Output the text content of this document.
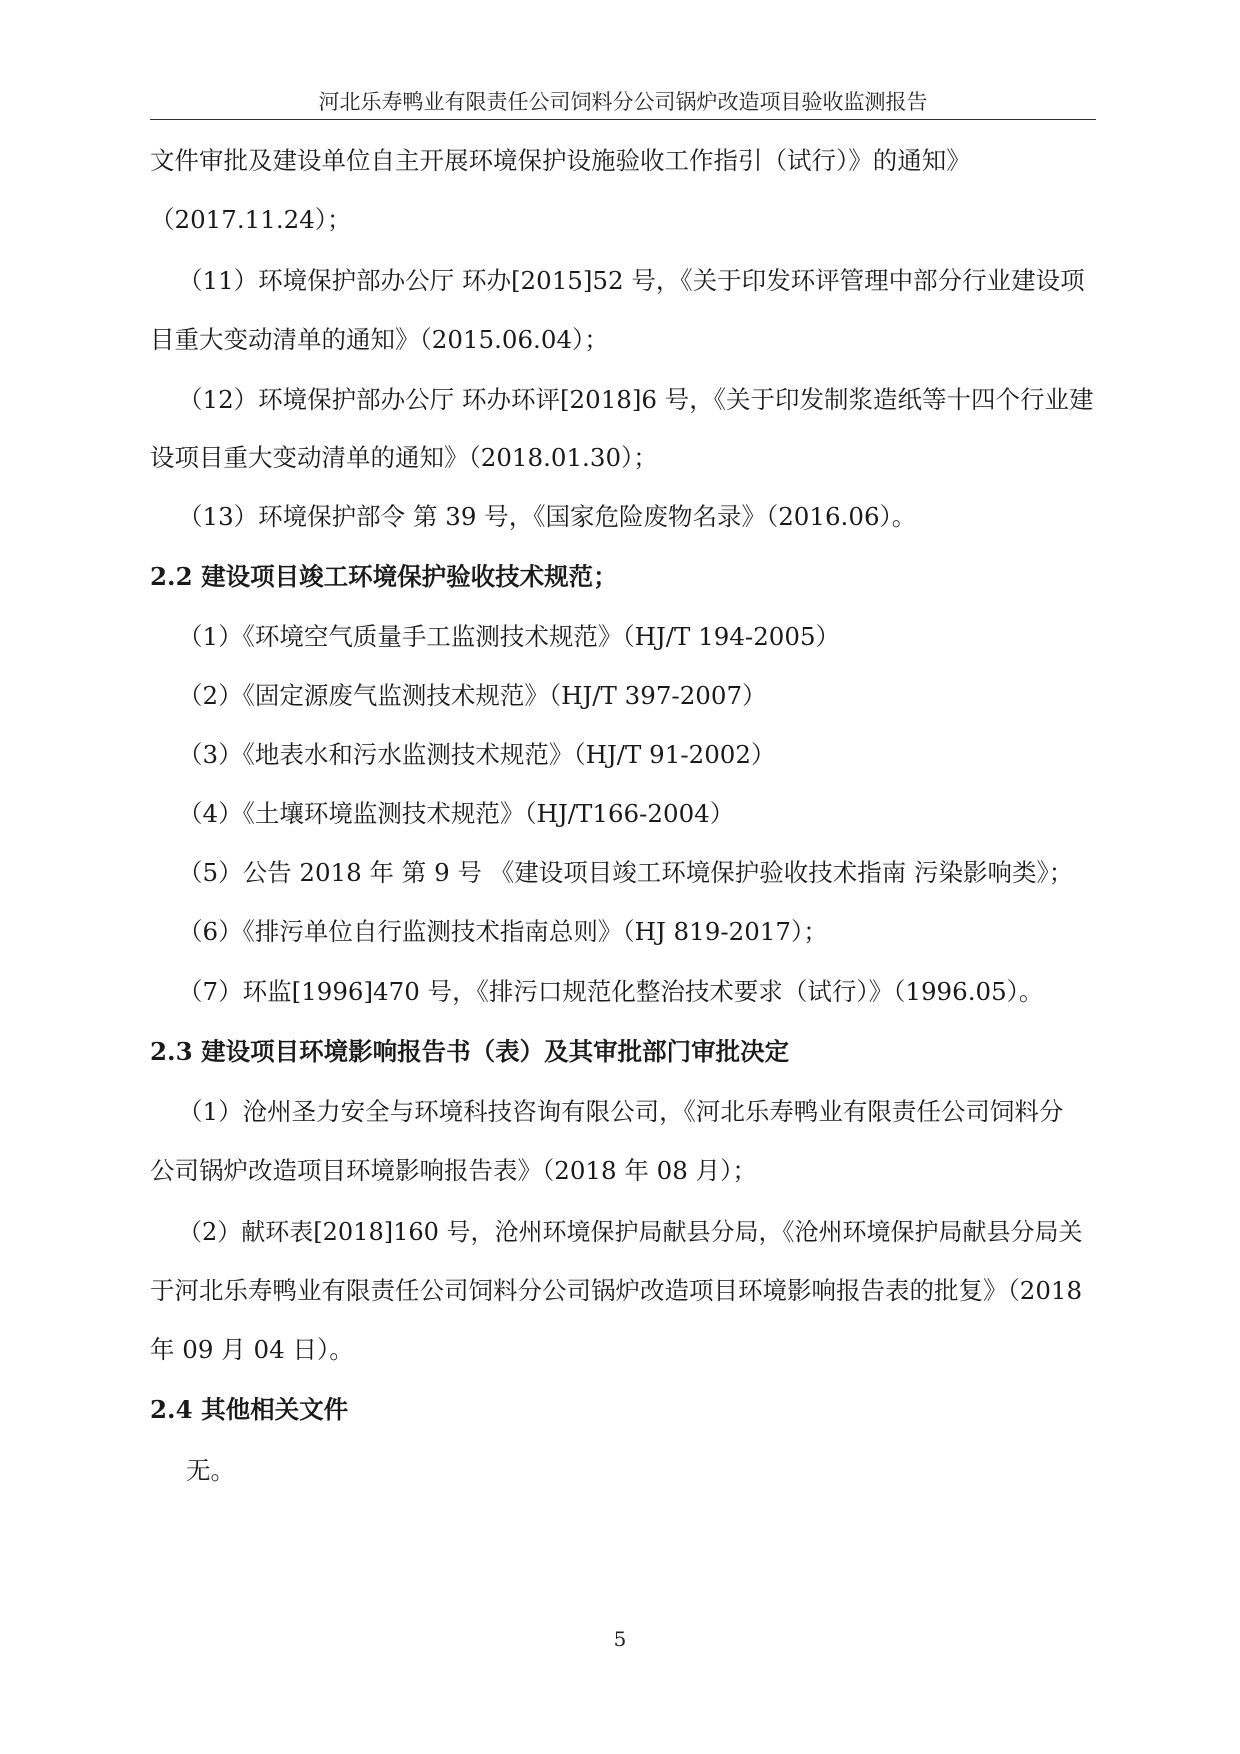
河北乐寿鸭业有限责任公司饲料分公司锅炉改造项目验收监测报告
文件审批及建设单位自主开展环境保护设施验收工作指引（试行）》的通知》
（2017.11.24）；
（11）环境保护部办公厅 环办[2015]52 号，《关于印发环评管理中部分行业建设项
目重大变动清单的通知》（2015.06.04）；
（12）环境保护部办公厅 环办环评[2018]6 号，《关于印发制浆造纸等十四个行业建
设项目重大变动清单的通知》（2018.01.30）；
（13）环境保护部令 第 39 号，《国家危险废物名录》（2016.06）。
2.2 建设项目竣工环境保护验收技术规范；
（1）《环境空气质量手工监测技术规范》（HJ/T 194-2005）
（2）《固定源废气监测技术规范》（HJ/T 397-2007）
（3）《地表水和污水监测技术规范》（HJ/T 91-2002）
（4）《土壤环境监测技术规范》（HJ/T166-2004）
（5）公告 2018 年 第 9 号 《建设项目竣工环境保护验收技术指南 污染影响类》；
（6）《排污单位自行监测技术指南总则》（HJ 819-2017）；
（7）环监[1996]470 号，《排污口规范化整治技术要求（试行）》（1996.05）。
2.3 建设项目环境影响报告书（表）及其审批部门审批决定
（1）沧州圣力安全与环境科技咨询有限公司，《河北乐寿鸭业有限责任公司饲料分
公司锅炉改造项目环境影响报告表》（2018 年 08 月）；
（2）献环表[2018]160 号，沧州环境保护局献县分局，《沧州环境保护局献县分局关
于河北乐寿鸭业有限责任公司饲料分公司锅炉改造项目环境影响报告表的批复》（2018
年 09 月 04 日）。
2.4 其他相关文件
无。
5
